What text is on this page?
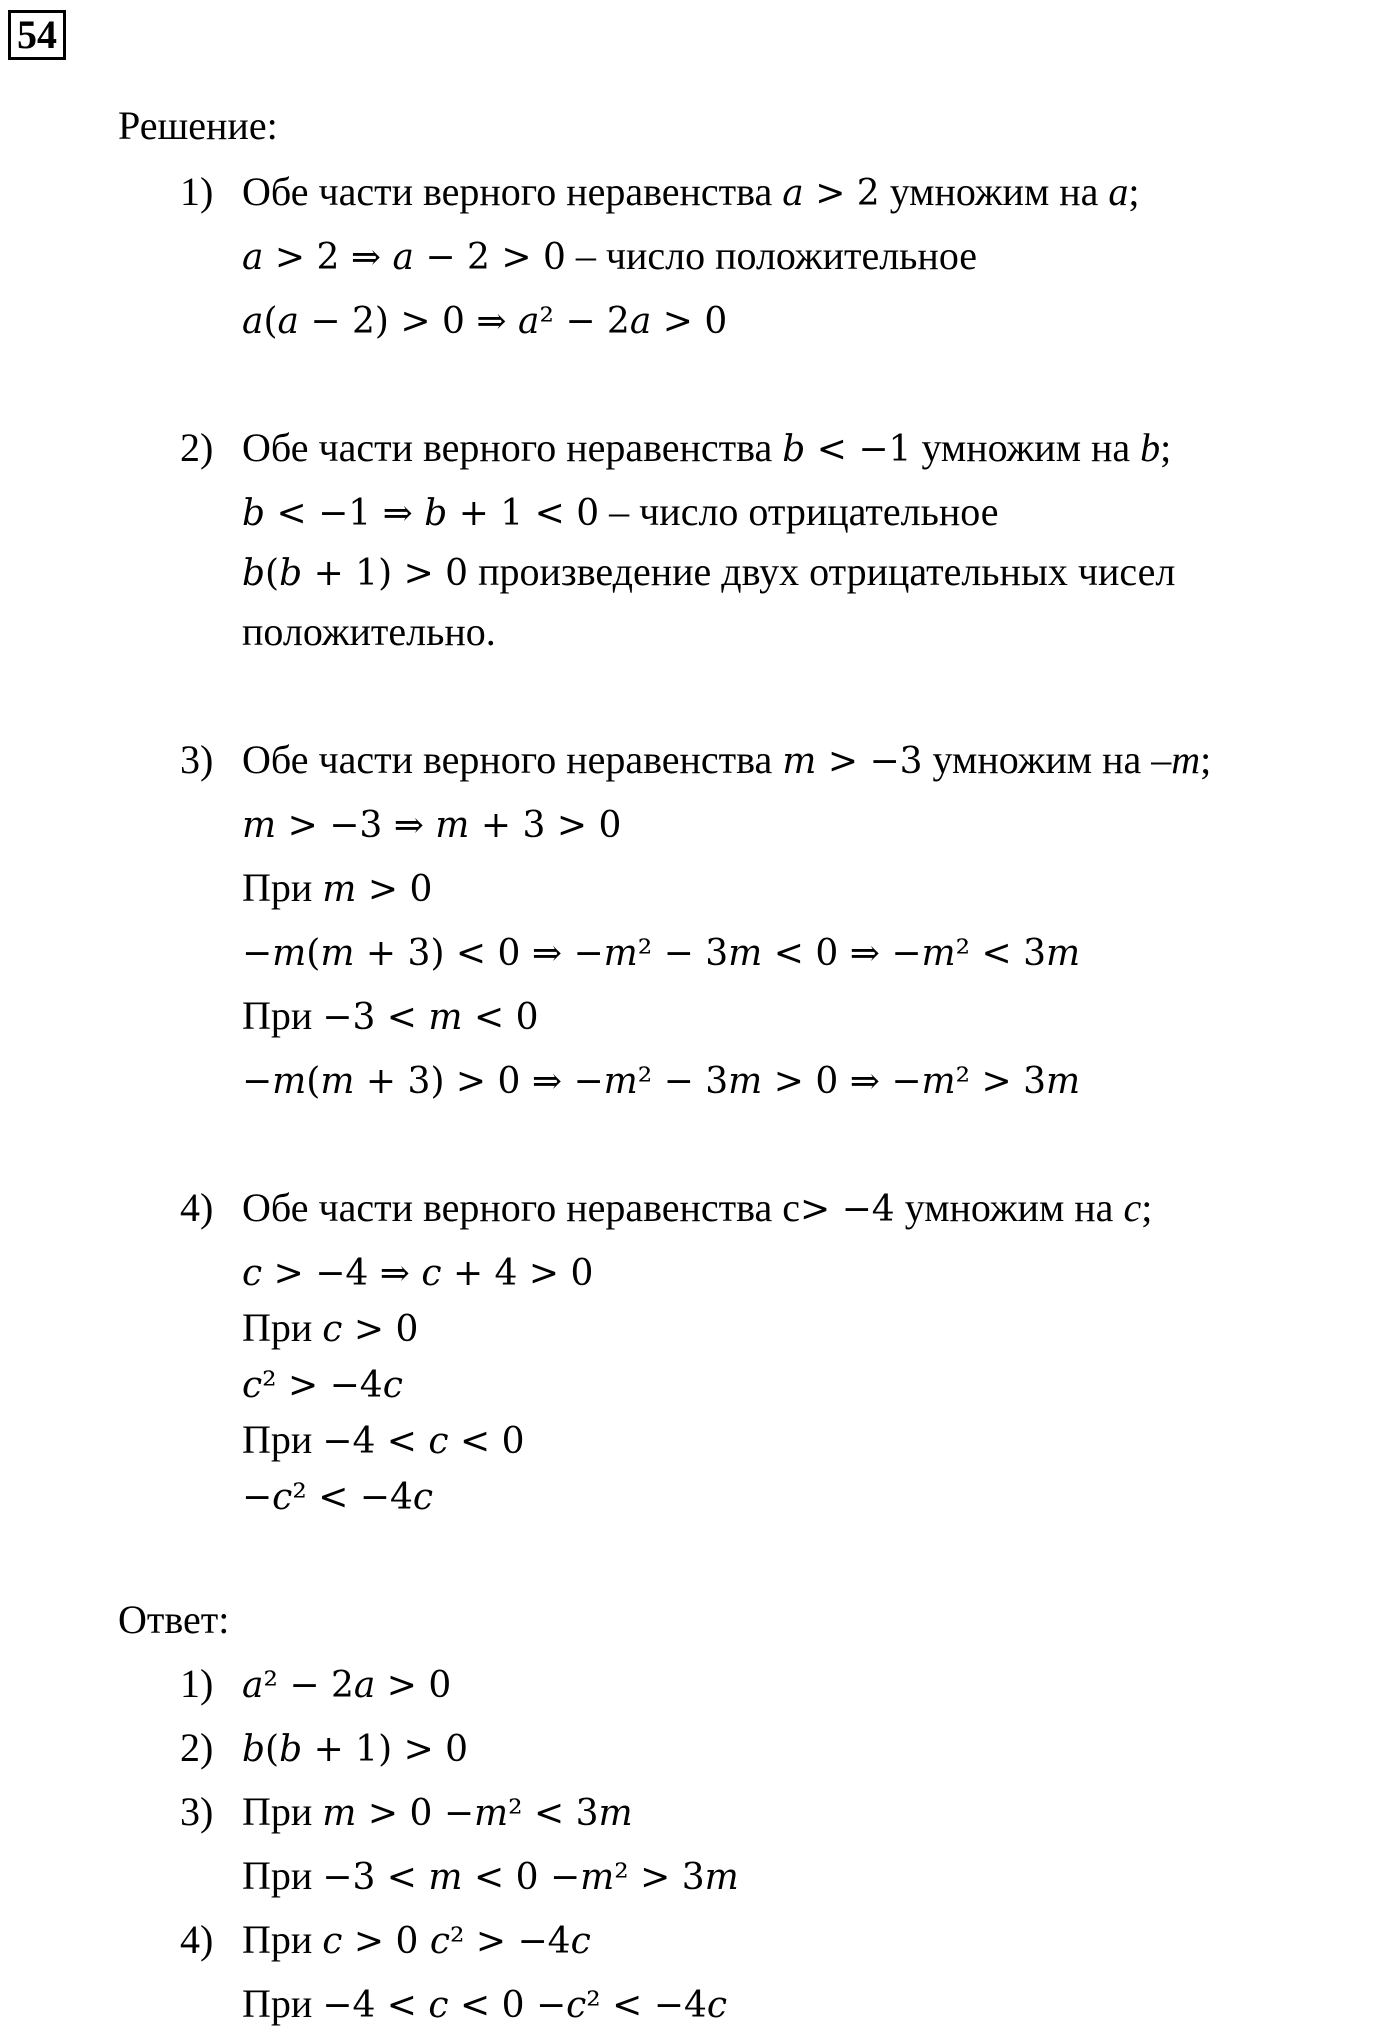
54
Решение:
1) Обе части верного неравенства 𝑎 > 2 умножим на a;
𝑎 > 2 ⇒ 𝑎 − 2 > 0 – число положительное
𝑎(𝑎 − 2) > 0 ⇒ 𝑎² − 2𝑎 > 0
2) Обе части верного неравенства 𝑏 < −1 умножим на b;
𝑏 < −1 ⇒ 𝑏 + 1 < 0 – число отрицательное
𝑏(𝑏 + 1) > 0 произведение двух отрицательных чисел
положительно.
3) Обе части верного неравенства 𝑚 > −3 умножим на –m;
𝑚 > −3 ⇒ 𝑚 + 3 > 0
При 𝑚 > 0
−𝑚(𝑚 + 3) < 0 ⇒ −𝑚² − 3𝑚 < 0 ⇒ −𝑚² < 3𝑚
При −3 < 𝑚 < 0
−𝑚(𝑚 + 3) > 0 ⇒ −𝑚² − 3𝑚 > 0 ⇒ −𝑚² > 3𝑚
4) Обе части верного неравенства с> −4 умножим на c;
𝑐 > −4 ⇒ 𝑐 + 4 > 0
При 𝑐 > 0
𝑐² > −4𝑐
При −4 < 𝑐 < 0
−𝑐² < −4𝑐
Ответ:
1) 𝑎² − 2𝑎 > 0
2) 𝑏(𝑏 + 1) > 0
3) При 𝑚 > 0 −𝑚² < 3𝑚
При −3 < 𝑚 < 0 −𝑚² > 3𝑚
4) При 𝑐 > 0 𝑐² > −4𝑐
При −4 < 𝑐 < 0 −𝑐² < −4𝑐
